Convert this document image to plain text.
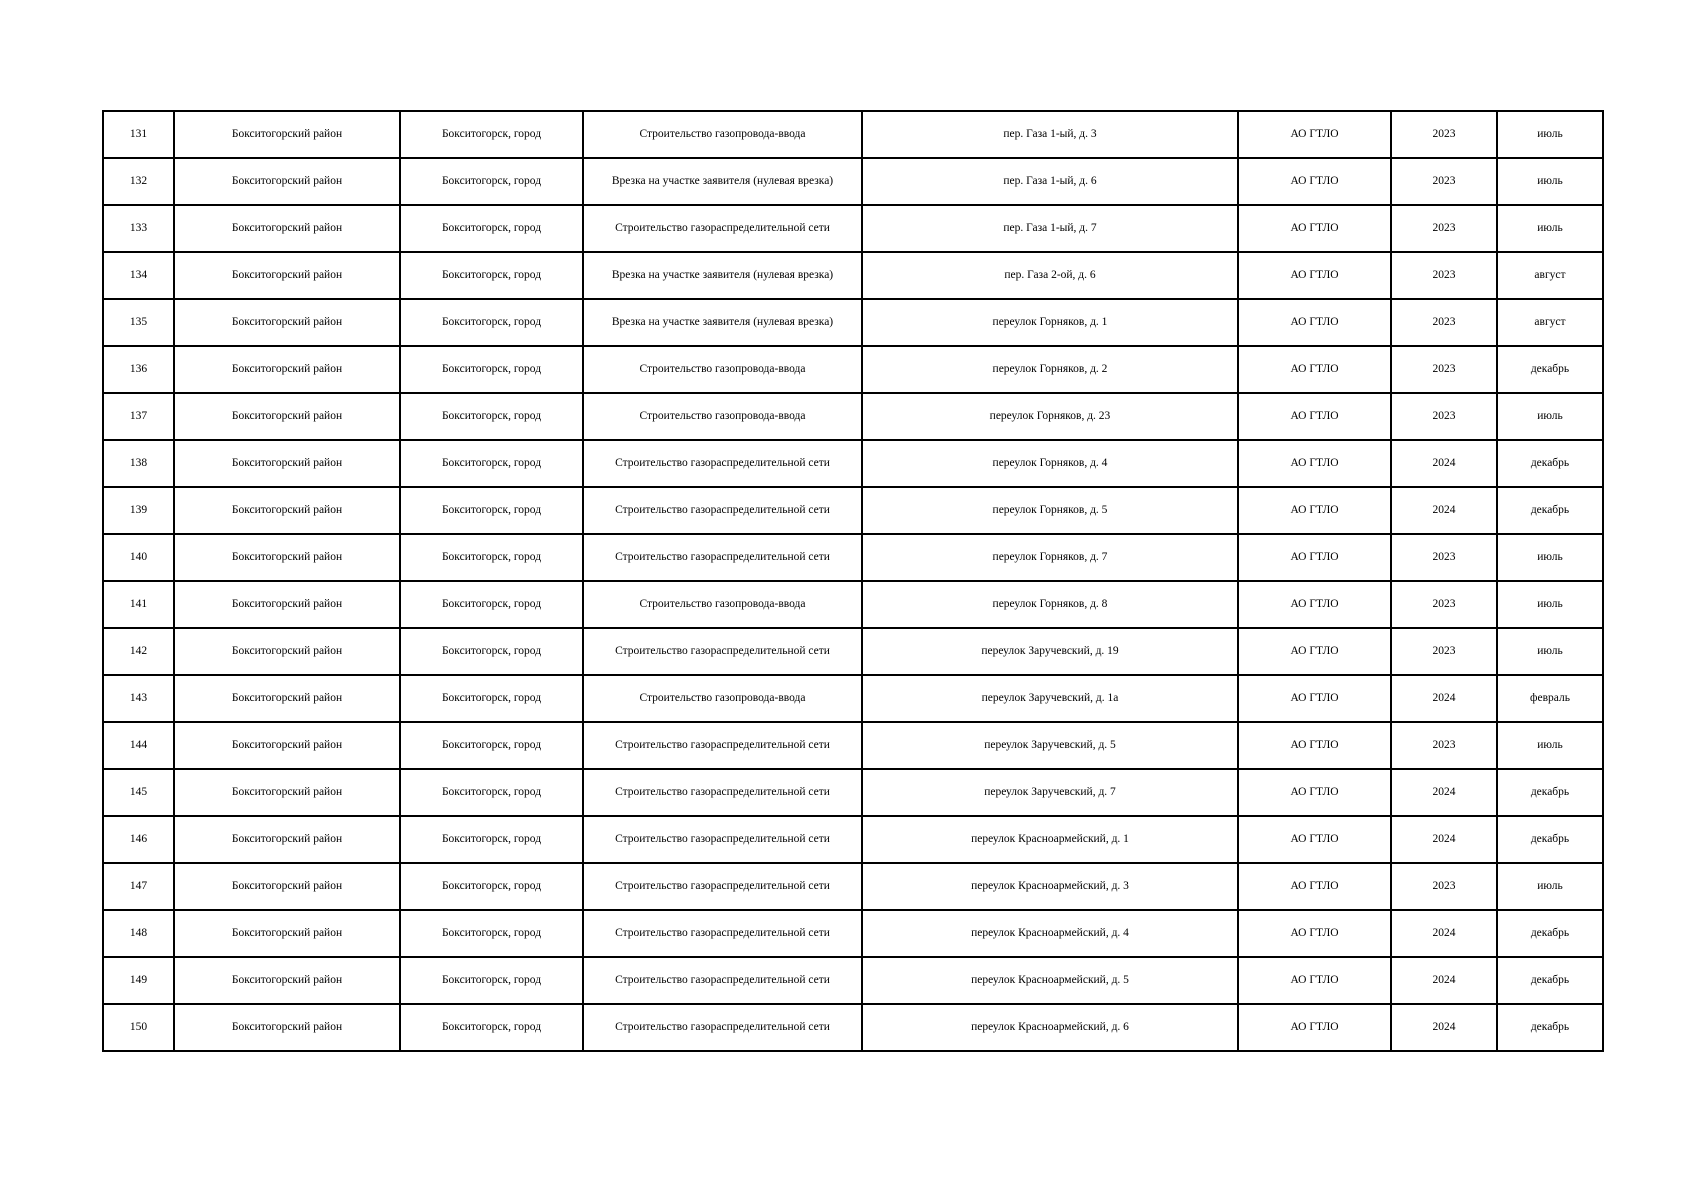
131	Бокситогорский район	Бокситогорск, город	Строительство газопровода-ввода	пер. Газа 1-ый, д. 3	АО ГТЛО	2023	июль
132	Бокситогорский район	Бокситогорск, город	Врезка на участке заявителя (нулевая врезка)	пер. Газа 1-ый, д. 6	АО ГТЛО	2023	июль
133	Бокситогорский район	Бокситогорск, город	Строительство газораспределительной сети	пер. Газа 1-ый, д. 7	АО ГТЛО	2023	июль
134	Бокситогорский район	Бокситогорск, город	Врезка на участке заявителя (нулевая врезка)	пер. Газа 2-ой, д. 6	АО ГТЛО	2023	август
135	Бокситогорский район	Бокситогорск, город	Врезка на участке заявителя (нулевая врезка)	переулок Горняков, д. 1	АО ГТЛО	2023	август
136	Бокситогорский район	Бокситогорск, город	Строительство газопровода-ввода	переулок Горняков, д. 2	АО ГТЛО	2023	декабрь
137	Бокситогорский район	Бокситогорск, город	Строительство газопровода-ввода	переулок Горняков, д. 23	АО ГТЛО	2023	июль
138	Бокситогорский район	Бокситогорск, город	Строительство газораспределительной сети	переулок Горняков, д. 4	АО ГТЛО	2024	декабрь
139	Бокситогорский район	Бокситогорск, город	Строительство газораспределительной сети	переулок Горняков, д. 5	АО ГТЛО	2024	декабрь
140	Бокситогорский район	Бокситогорск, город	Строительство газораспределительной сети	переулок Горняков, д. 7	АО ГТЛО	2023	июль
141	Бокситогорский район	Бокситогорск, город	Строительство газопровода-ввода	переулок Горняков, д. 8	АО ГТЛО	2023	июль
142	Бокситогорский район	Бокситогорск, город	Строительство газораспределительной сети	переулок Заручевский, д. 19	АО ГТЛО	2023	июль
143	Бокситогорский район	Бокситогорск, город	Строительство газопровода-ввода	переулок Заручевский, д. 1а	АО ГТЛО	2024	февраль
144	Бокситогорский район	Бокситогорск, город	Строительство газораспределительной сети	переулок Заручевский, д. 5	АО ГТЛО	2023	июль
145	Бокситогорский район	Бокситогорск, город	Строительство газораспределительной сети	переулок Заручевский, д. 7	АО ГТЛО	2024	декабрь
146	Бокситогорский район	Бокситогорск, город	Строительство газораспределительной сети	переулок Красноармейский, д. 1	АО ГТЛО	2024	декабрь
147	Бокситогорский район	Бокситогорск, город	Строительство газораспределительной сети	переулок Красноармейский, д. 3	АО ГТЛО	2023	июль
148	Бокситогорский район	Бокситогорск, город	Строительство газораспределительной сети	переулок Красноармейский, д. 4	АО ГТЛО	2024	декабрь
149	Бокситогорский район	Бокситогорск, город	Строительство газораспределительной сети	переулок Красноармейский, д. 5	АО ГТЛО	2024	декабрь
150	Бокситогорский район	Бокситогорск, город	Строительство газораспределительной сети	переулок Красноармейский, д. 6	АО ГТЛО	2024	декабрь
